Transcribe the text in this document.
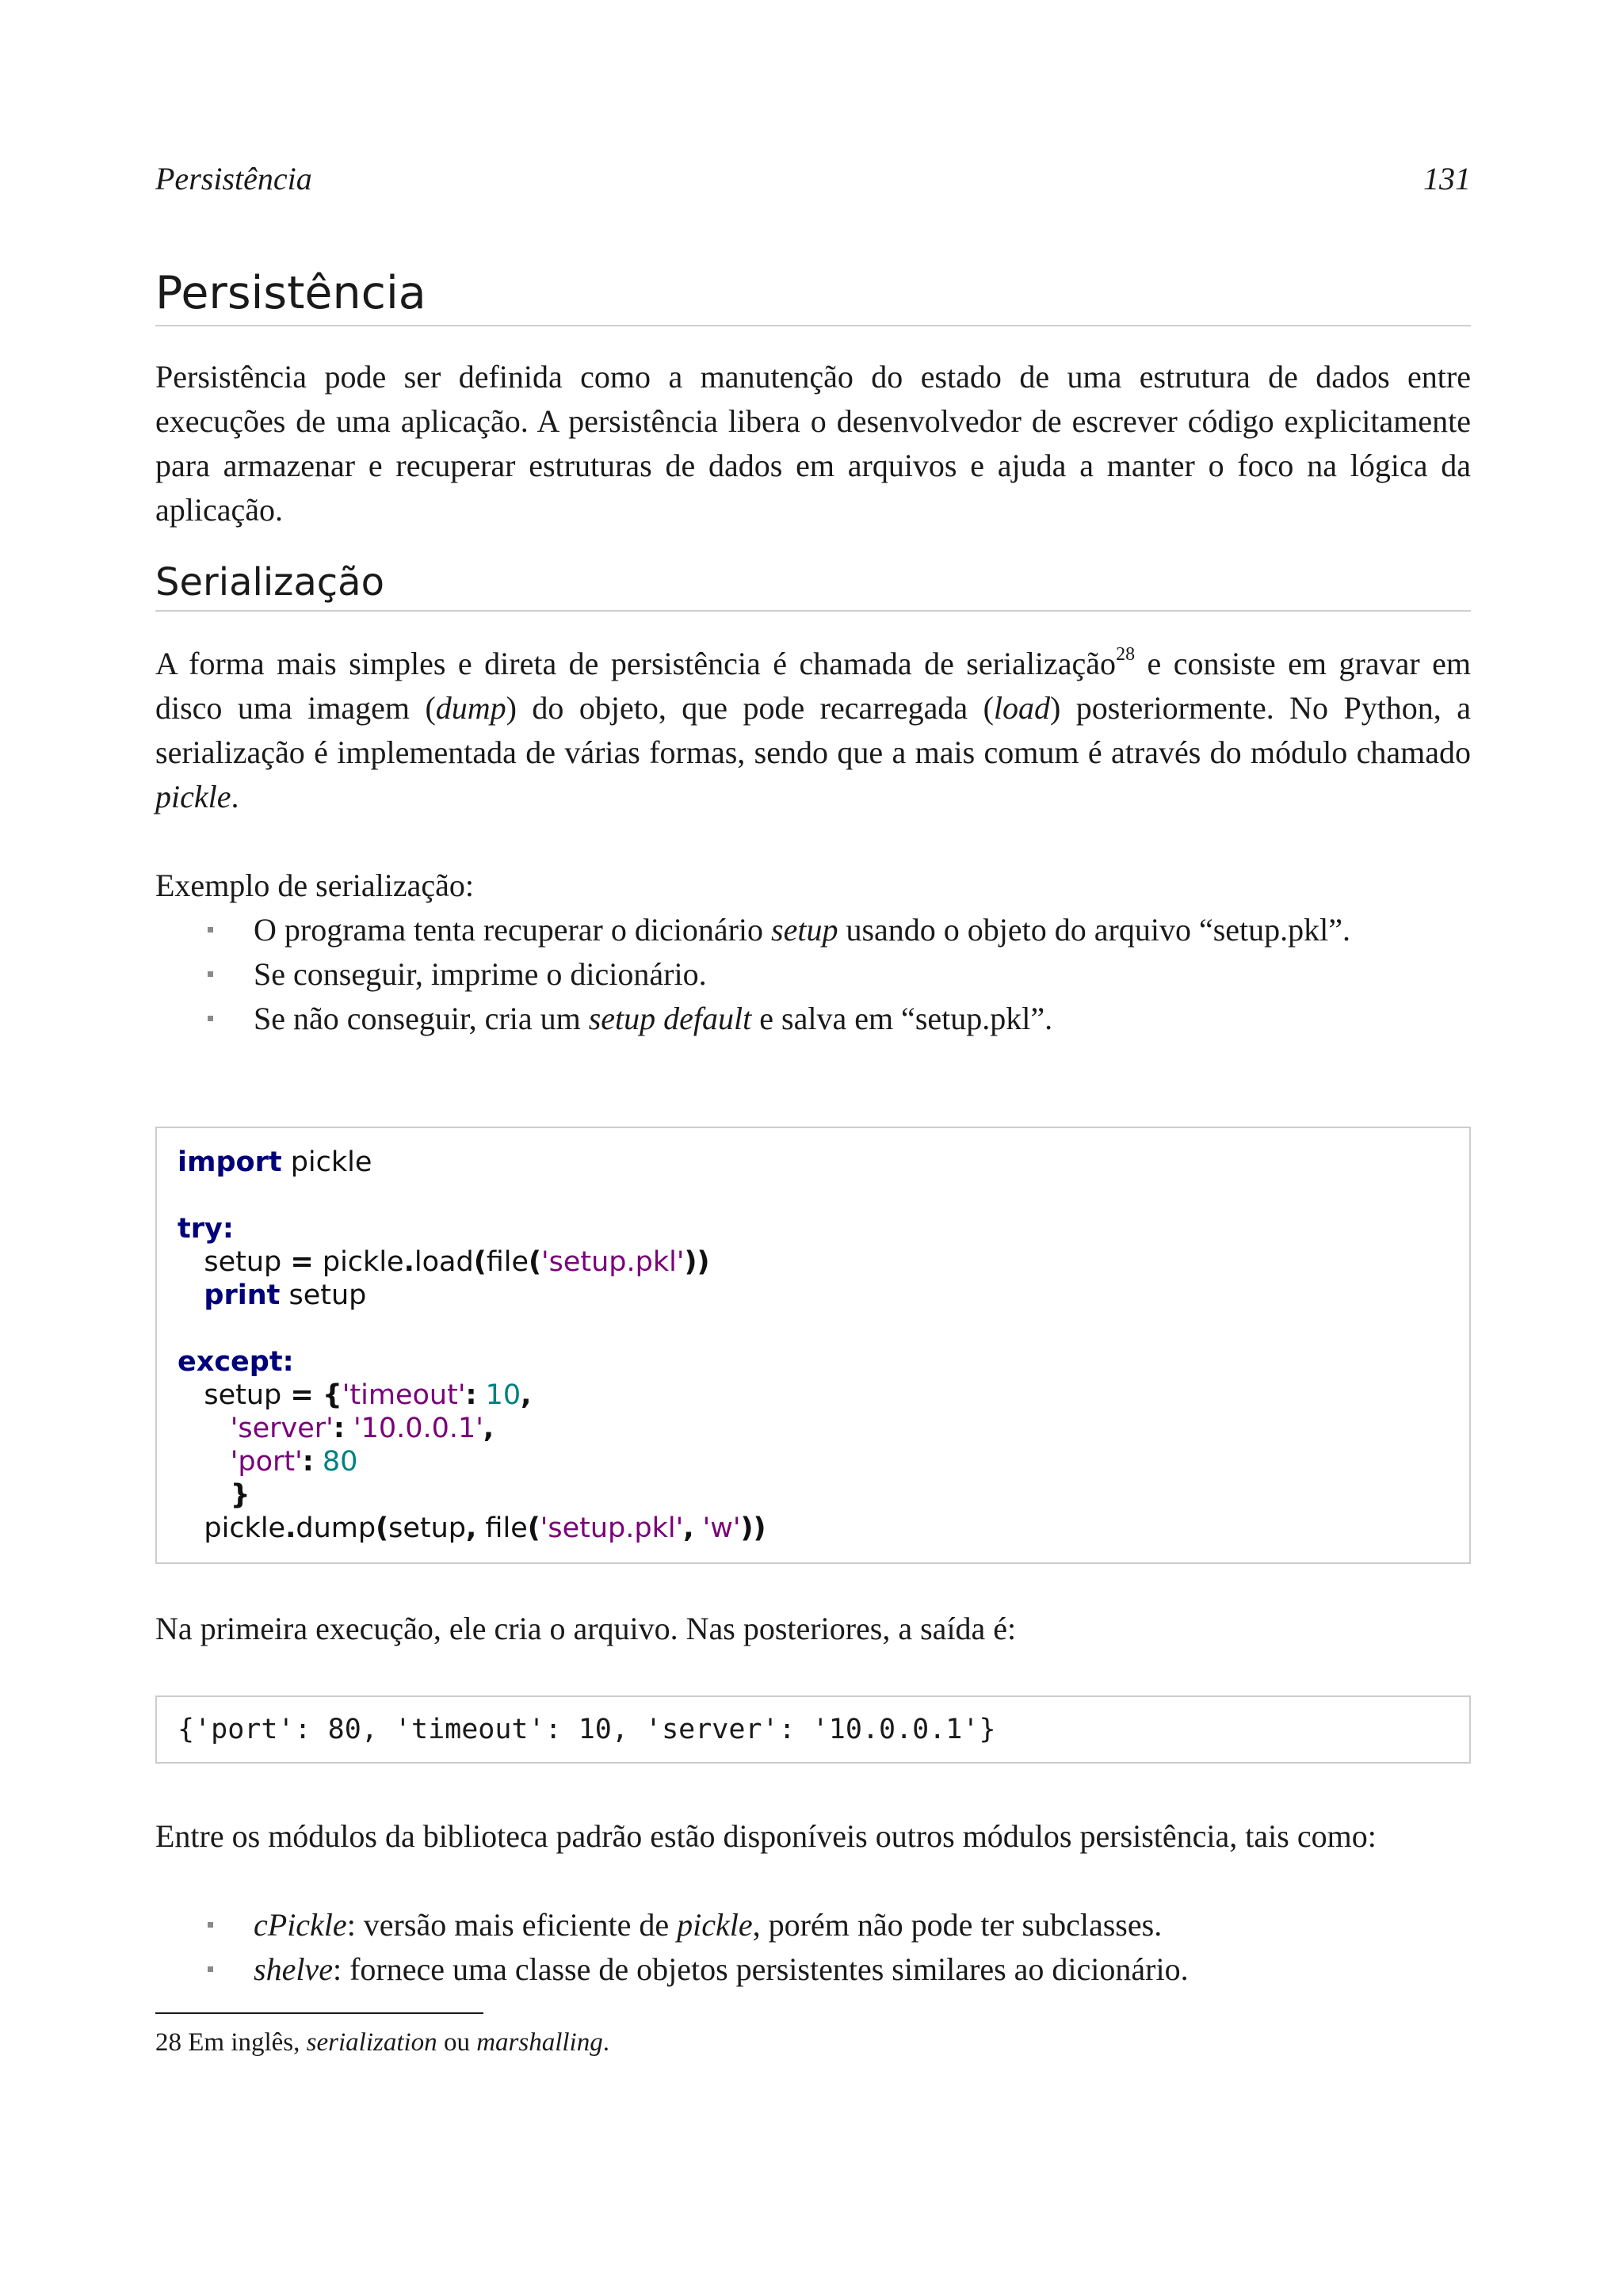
Persistência	131
Persistência

Persistência pode ser definida como a manutenção do estado de uma estrutura de dados entre execuções de uma aplicação. A persistência libera o desenvolvedor de escrever código explicitamente para armazenar e recuperar estruturas de dados em arquivos e ajuda a manter o foco na lógica da aplicação.

Serialização

A forma mais simples e direta de persistência é chamada de serialização$^{28}$ e consiste em gravar em disco uma imagem (dump) do objeto, que pode recarregada (load) posteriormente. No Python, a serialização é implementada de várias formas, sendo que a mais comum é através do módulo chamado pickle.

Exemplo de serialização:

O programa tenta recuperar o dicionário setup usando o objeto do arquivo “setup.pkl”.
Se conseguir, imprime o dicionário.
Se não conseguir, cria um setup default e salva em “setup.pkl”.
import pickle
try:
setup = pickle.load(file('setup.pkl'))
print setup
except:
setup = {'timeout': 10,
'server': '10.0.0.1',
'port': 80
}
pickle.dump(setup, file('setup.pkl', 'w'))

Na primeira execução, ele cria o arquivo. Nas posteriores, a saída é:

{'port': 80, 'timeout': 10, 'server': '10.0.0.1'}

Entre os módulos da biblioteca padrão estão disponíveis outros módulos persistência, tais como:

cPickle: versão mais eficiente de pickle, porém não pode ter subclasses.
shelve: fornece uma classe de objetos persistentes similares ao dicionário.
28 Em inglês, serialization ou marshalling.
